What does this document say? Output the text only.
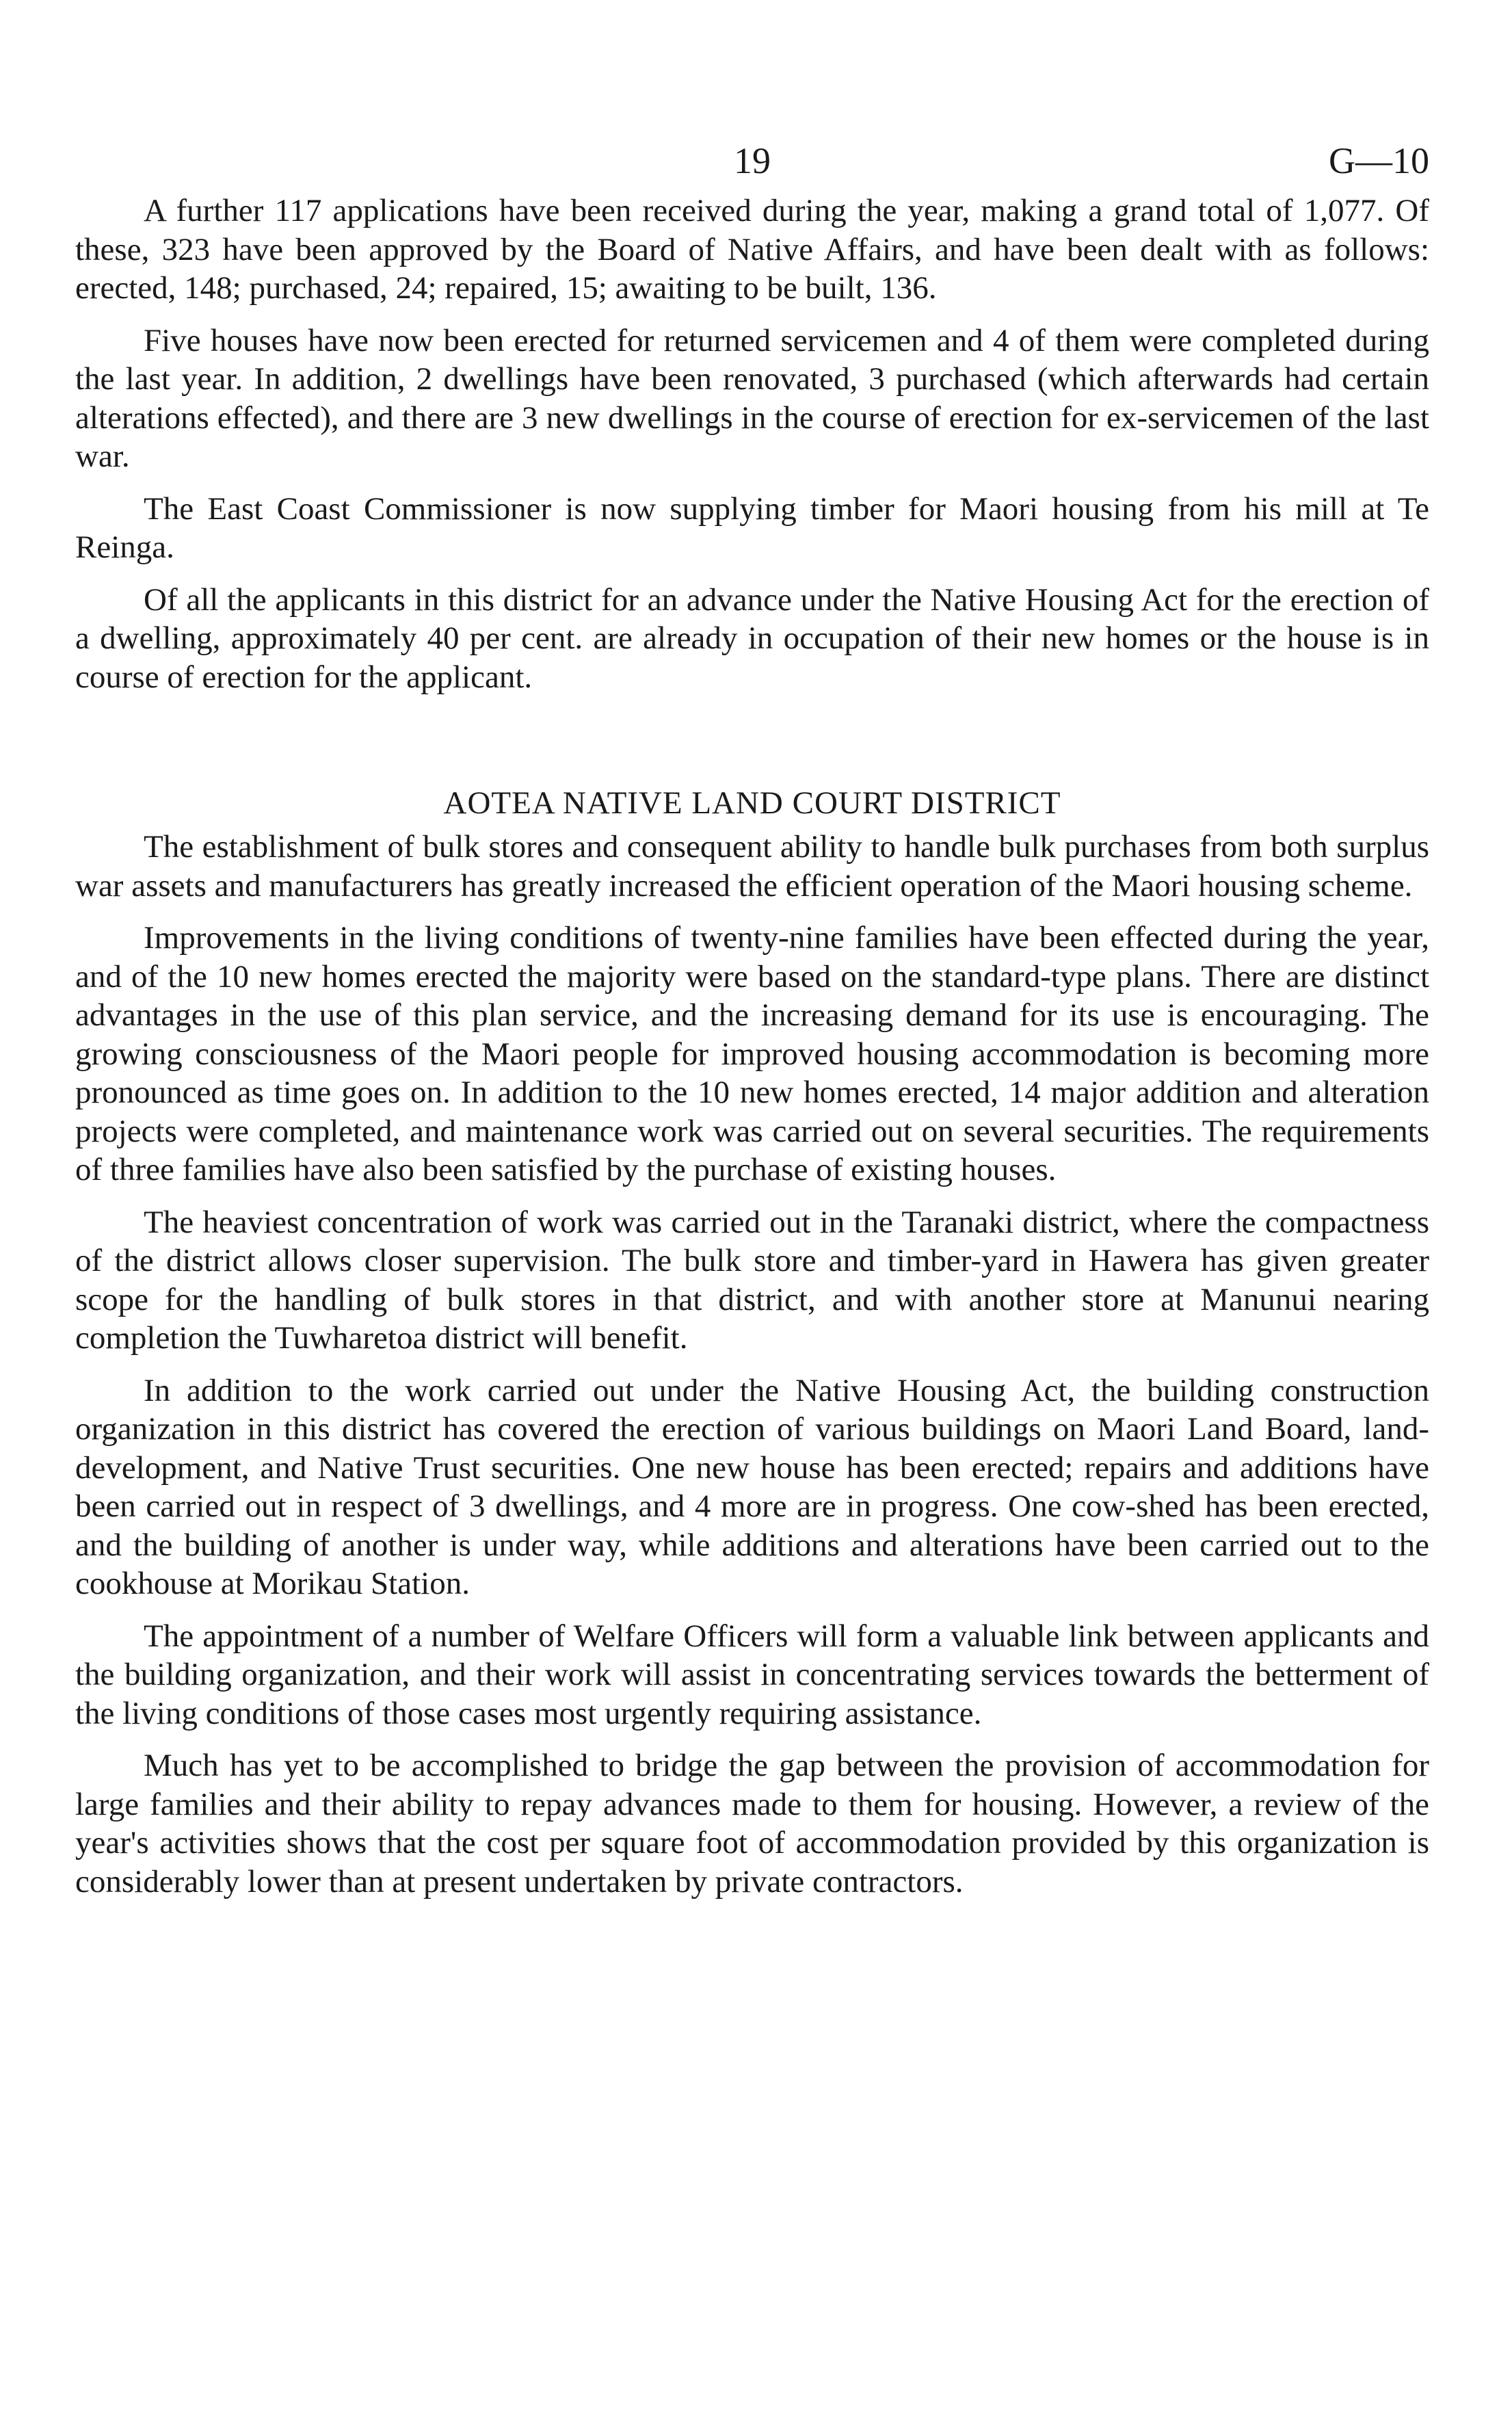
19	G—10

A further 117 applications have been received during the year, making a grand total of 1,077. Of these, 323 have been approved by the Board of Native Affairs, and have been dealt with as follows: erected, 148; purchased, 24; repaired, 15; awaiting to be built, 136.

Five houses have now been erected for returned servicemen and 4 of them were completed during the last year. In addition, 2 dwellings have been renovated, 3 purchased (which afterwards had certain alterations effected), and there are 3 new dwellings in the course of erection for ex-servicemen of the last war.

The East Coast Commissioner is now supplying timber for Maori housing from his mill at Te Reinga.

Of all the applicants in this district for an advance under the Native Housing Act for the erection of a dwelling, approximately 40 per cent. are already in occupation of their new homes or the house is in course of erection for the applicant.

AOTEA NATIVE LAND COURT DISTRICT

The establishment of bulk stores and consequent ability to handle bulk purchases from both surplus war assets and manufacturers has greatly increased the efficient operation of the Maori housing scheme.

Improvements in the living conditions of twenty-nine families have been effected during the year, and of the 10 new homes erected the majority were based on the standard-type plans. There are distinct advantages in the use of this plan service, and the increasing demand for its use is encouraging. The growing consciousness of the Maori people for improved housing accommodation is becoming more pronounced as time goes on. In addition to the 10 new homes erected, 14 major addition and alteration projects were completed, and maintenance work was carried out on several securities. The requirements of three families have also been satisfied by the purchase of existing houses.

The heaviest concentration of work was carried out in the Taranaki district, where the compactness of the district allows closer supervision. The bulk store and timber-yard in Hawera has given greater scope for the handling of bulk stores in that district, and with another store at Manunui nearing completion the Tuwharetoa district will benefit.

In addition to the work carried out under the Native Housing Act, the building construction organization in this district has covered the erection of various buildings on Maori Land Board, land-development, and Native Trust securities. One new house has been erected; repairs and additions have been carried out in respect of 3 dwellings, and 4 more are in progress. One cow-shed has been erected, and the building of another is under way, while additions and alterations have been carried out to the cookhouse at Morikau Station.

The appointment of a number of Welfare Officers will form a valuable link between applicants and the building organization, and their work will assist in concentrating services towards the betterment of the living conditions of those cases most urgently requiring assistance.

Much has yet to be accomplished to bridge the gap between the provision of accommodation for large families and their ability to repay advances made to them for housing. However, a review of the year's activities shows that the cost per square foot of accommodation provided by this organization is considerably lower than at present undertaken by private contractors.
